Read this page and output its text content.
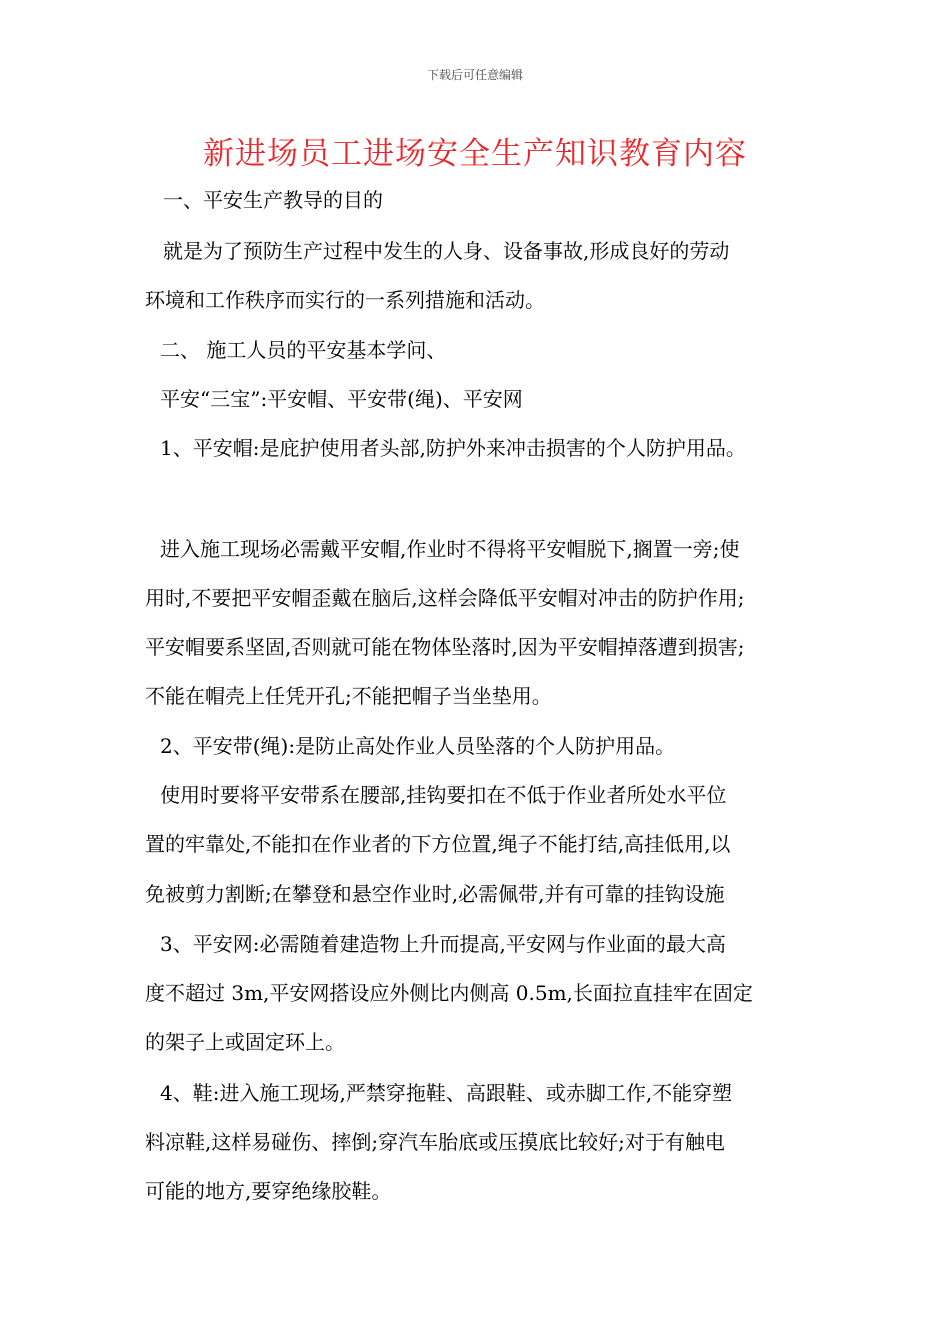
下载后可任意编辑
新进场员工进场安全生产知识教育内容
一、平安生产教导的目的
就是为了预防生产过程中发生的人身、设备事故,形成良好的劳动
环境和工作秩序而实行的一系列措施和活动。
二、 施工人员的平安基本学问、
平安“三宝”:平安帽、平安带(绳)、平安网
1、平安帽:是庇护使用者头部,防护外来冲击损害的个人防护用品。
进入施工现场必需戴平安帽,作业时不得将平安帽脱下,搁置一旁;使
用时,不要把平安帽歪戴在脑后,这样会降低平安帽对冲击的防护作用;
平安帽要系坚固,否则就可能在物体坠落时,因为平安帽掉落遭到损害;
不能在帽壳上任凭开孔;不能把帽子当坐垫用。
2、平安带(绳):是防止高处作业人员坠落的个人防护用品。
使用时要将平安带系在腰部,挂钩要扣在不低于作业者所处水平位
置的牢靠处,不能扣在作业者的下方位置,绳子不能打结,高挂低用,以
免被剪力割断;在攀登和悬空作业时,必需佩带,并有可靠的挂钩设施
3、平安网:必需随着建造物上升而提高,平安网与作业面的最大高
度不超过 3m,平安网搭设应外侧比内侧高 0.5m,长面拉直挂牢在固定
的架子上或固定环上。
4、鞋:进入施工现场,严禁穿拖鞋、高跟鞋、或赤脚工作,不能穿塑
料凉鞋,这样易碰伤、摔倒;穿汽车胎底或压摸底比较好;对于有触电
可能的地方,要穿绝缘胶鞋。
